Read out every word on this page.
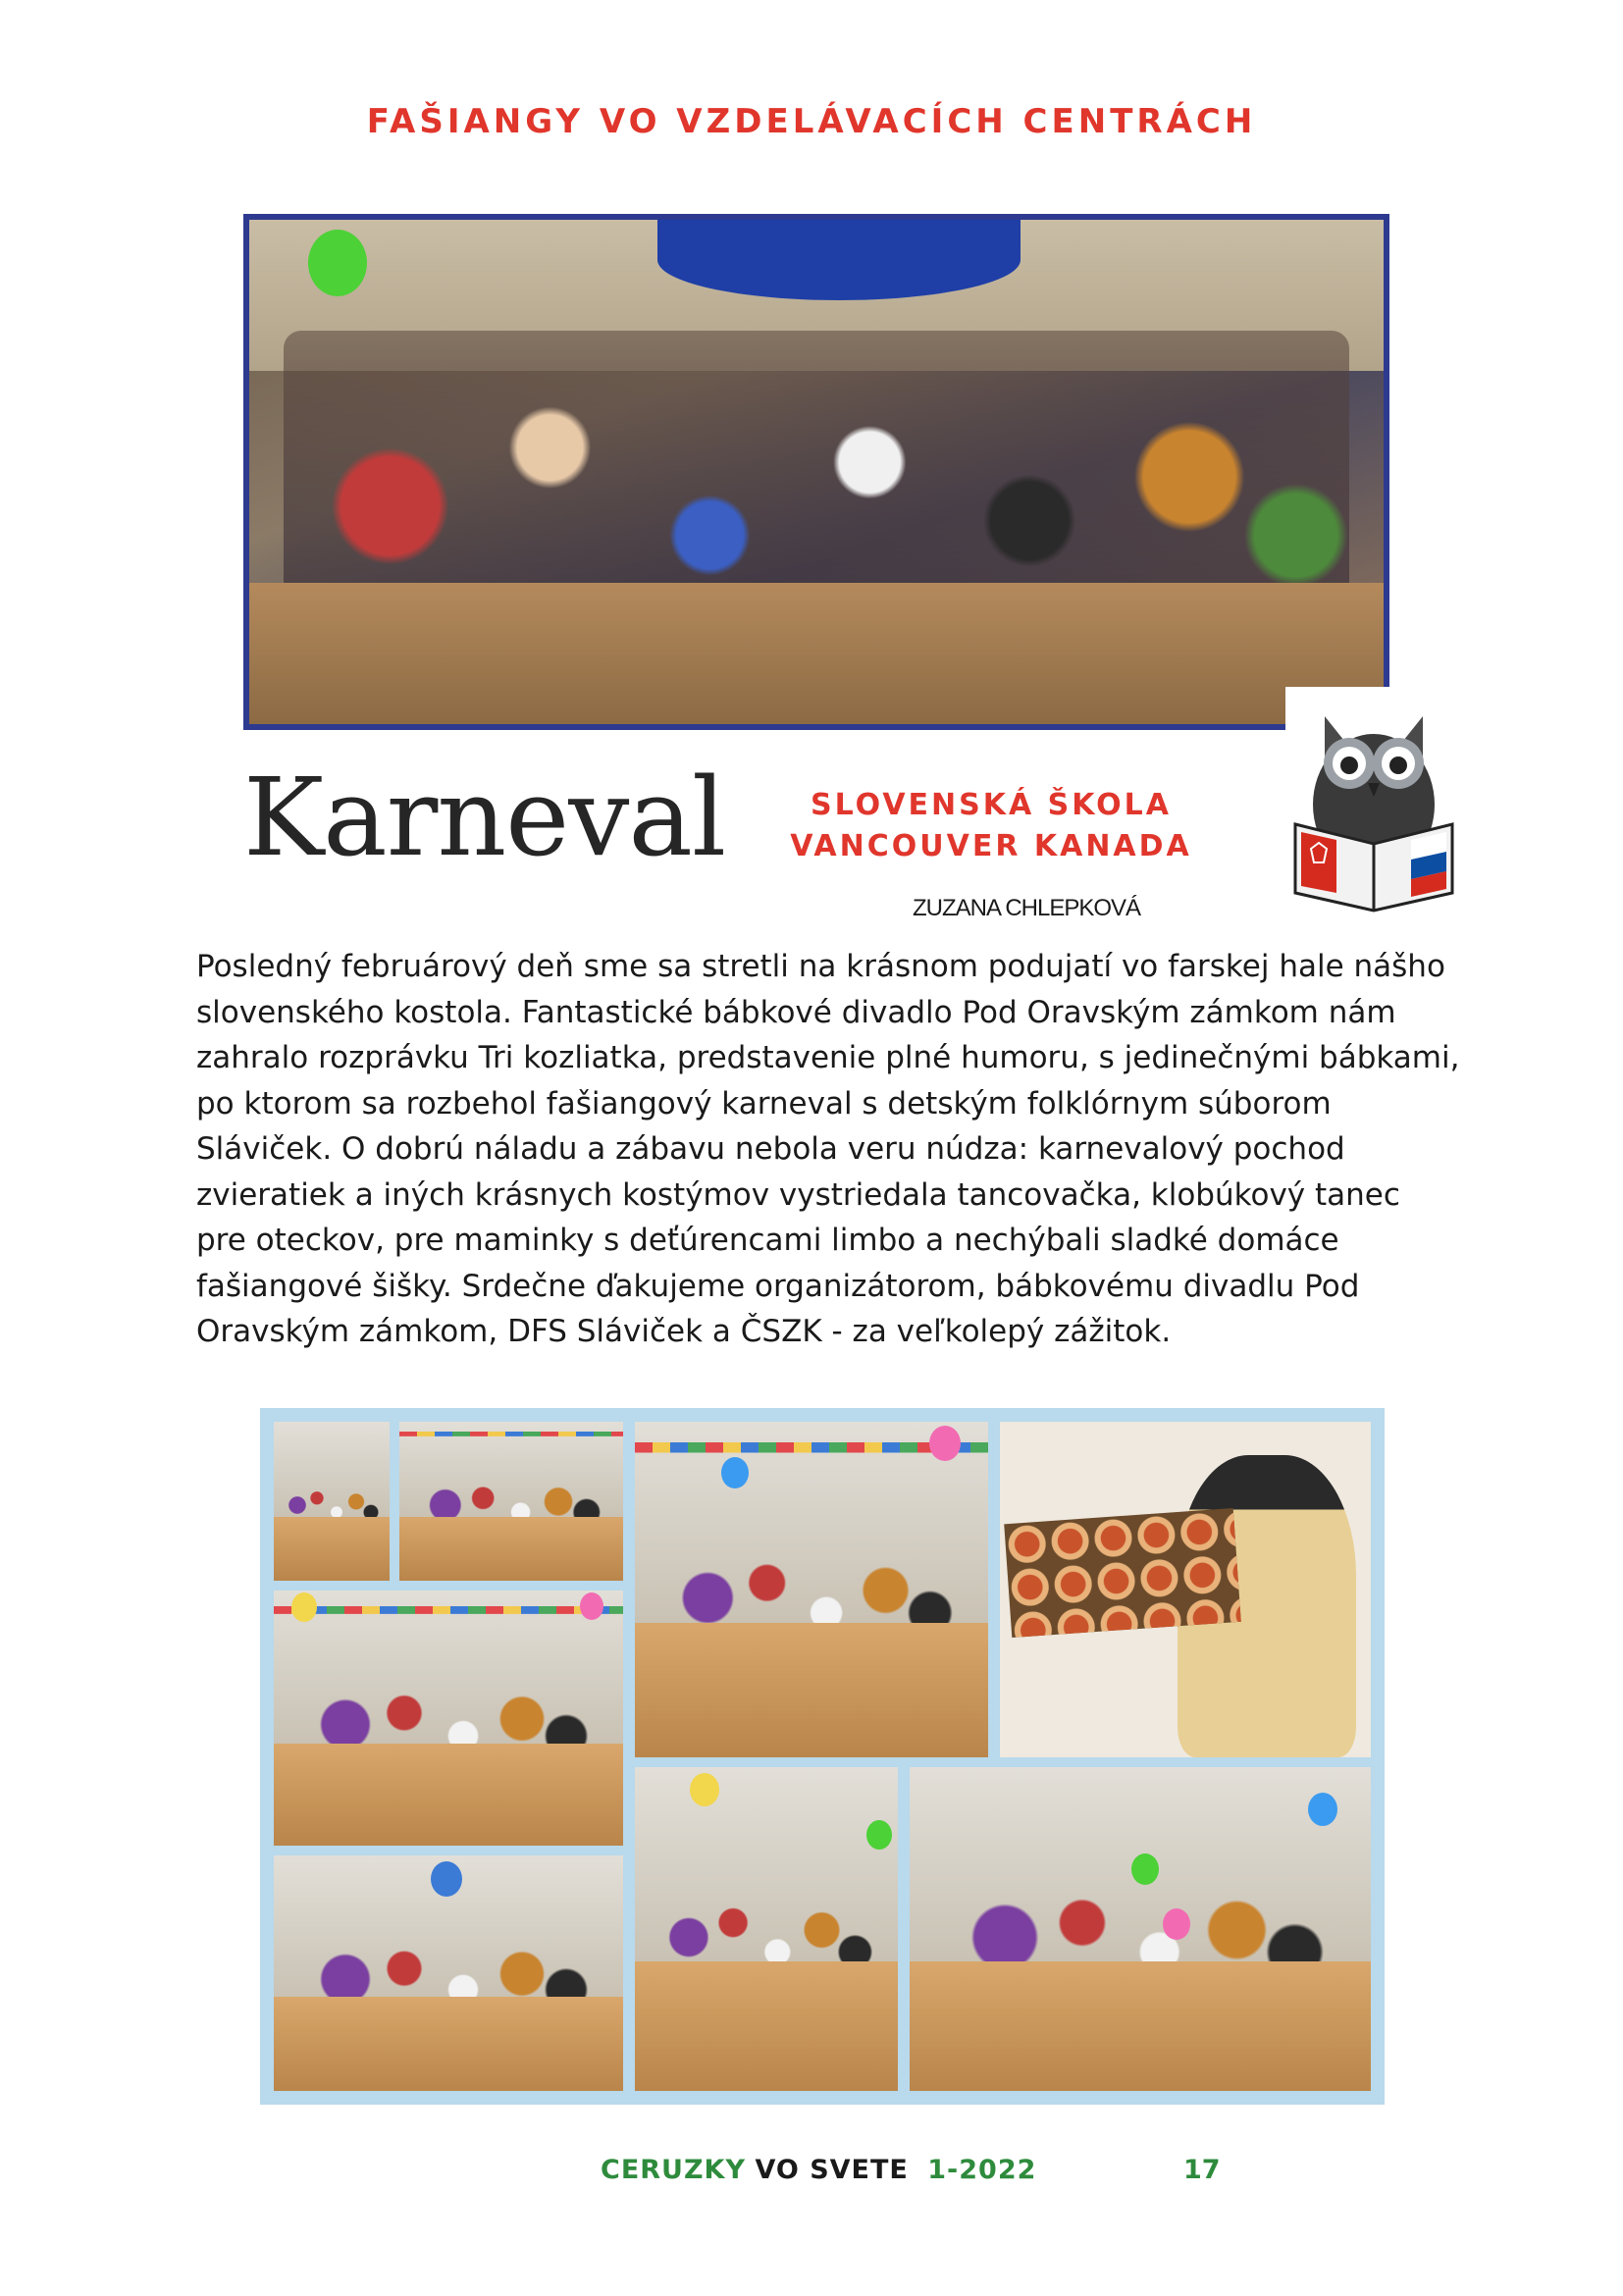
FAŠIANGY VO VZDELÁVACÍCH CENTRÁCH
Karneval	SLOVENSKÁ ŠKOLA
VANCOUVER KANADA
ZUZANA CHLEPKOVÁ
Posledný februárový deň sme sa stretli na krásnom podujatí vo farskej hale nášho
slovenského kostola. Fantastické bábkové divadlo Pod Oravským zámkom nám
zahralo rozprávku Tri kozliatka, predstavenie plné humoru, s jedinečnými bábkami,
po ktorom sa rozbehol fašiangový karneval s detským folklórnym súborom
Sláviček. O dobrú náladu a zábavu nebola veru núdza: karnevalový pochod
zvieratiek a iných krásnych kostýmov vystriedala tancovačka, klobúkový tanec
pre oteckov, pre maminky s deťúrencami limbo a nechýbali sladké domáce
fašiangové šišky. Srdečne ďakujeme organizátorom, bábkovému divadlu Pod
Oravským zámkom, DFS Sláviček a ČSZK - za veľkolepý zážitok.
CERUZKY VO SVETE 1-2022	17
